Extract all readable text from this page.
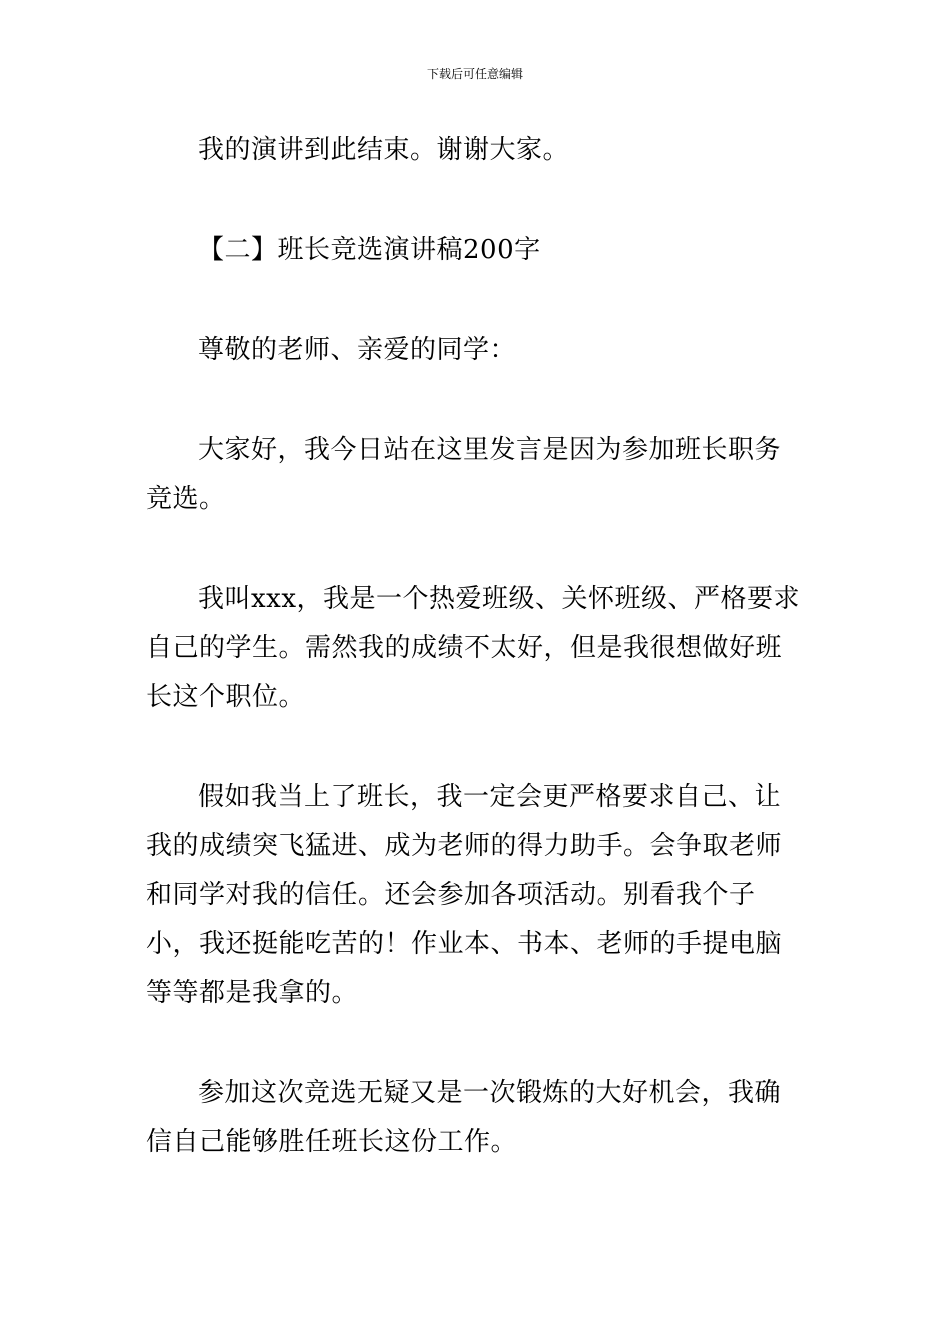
下载后可任意编辑

我的演讲到此结束。谢谢大家。

【二】班长竞选演讲稿200字

尊敬的老师、亲爱的同学：

大家好，我今日站在这里发言是因为参加班长职务竞选。

我叫xxx，我是一个热爱班级、关怀班级、严格要求自己的学生。需然我的成绩不太好，但是我很想做好班长这个职位。

假如我当上了班长，我一定会更严格要求自己、让我的成绩突飞猛进、成为老师的得力助手。会争取老师和同学对我的信任。还会参加各项活动。别看我个子小，我还挺能吃苦的！作业本、书本、老师的手提电脑等等都是我拿的。

参加这次竞选无疑又是一次锻炼的大好机会，我确信自己能够胜任班长这份工作。
